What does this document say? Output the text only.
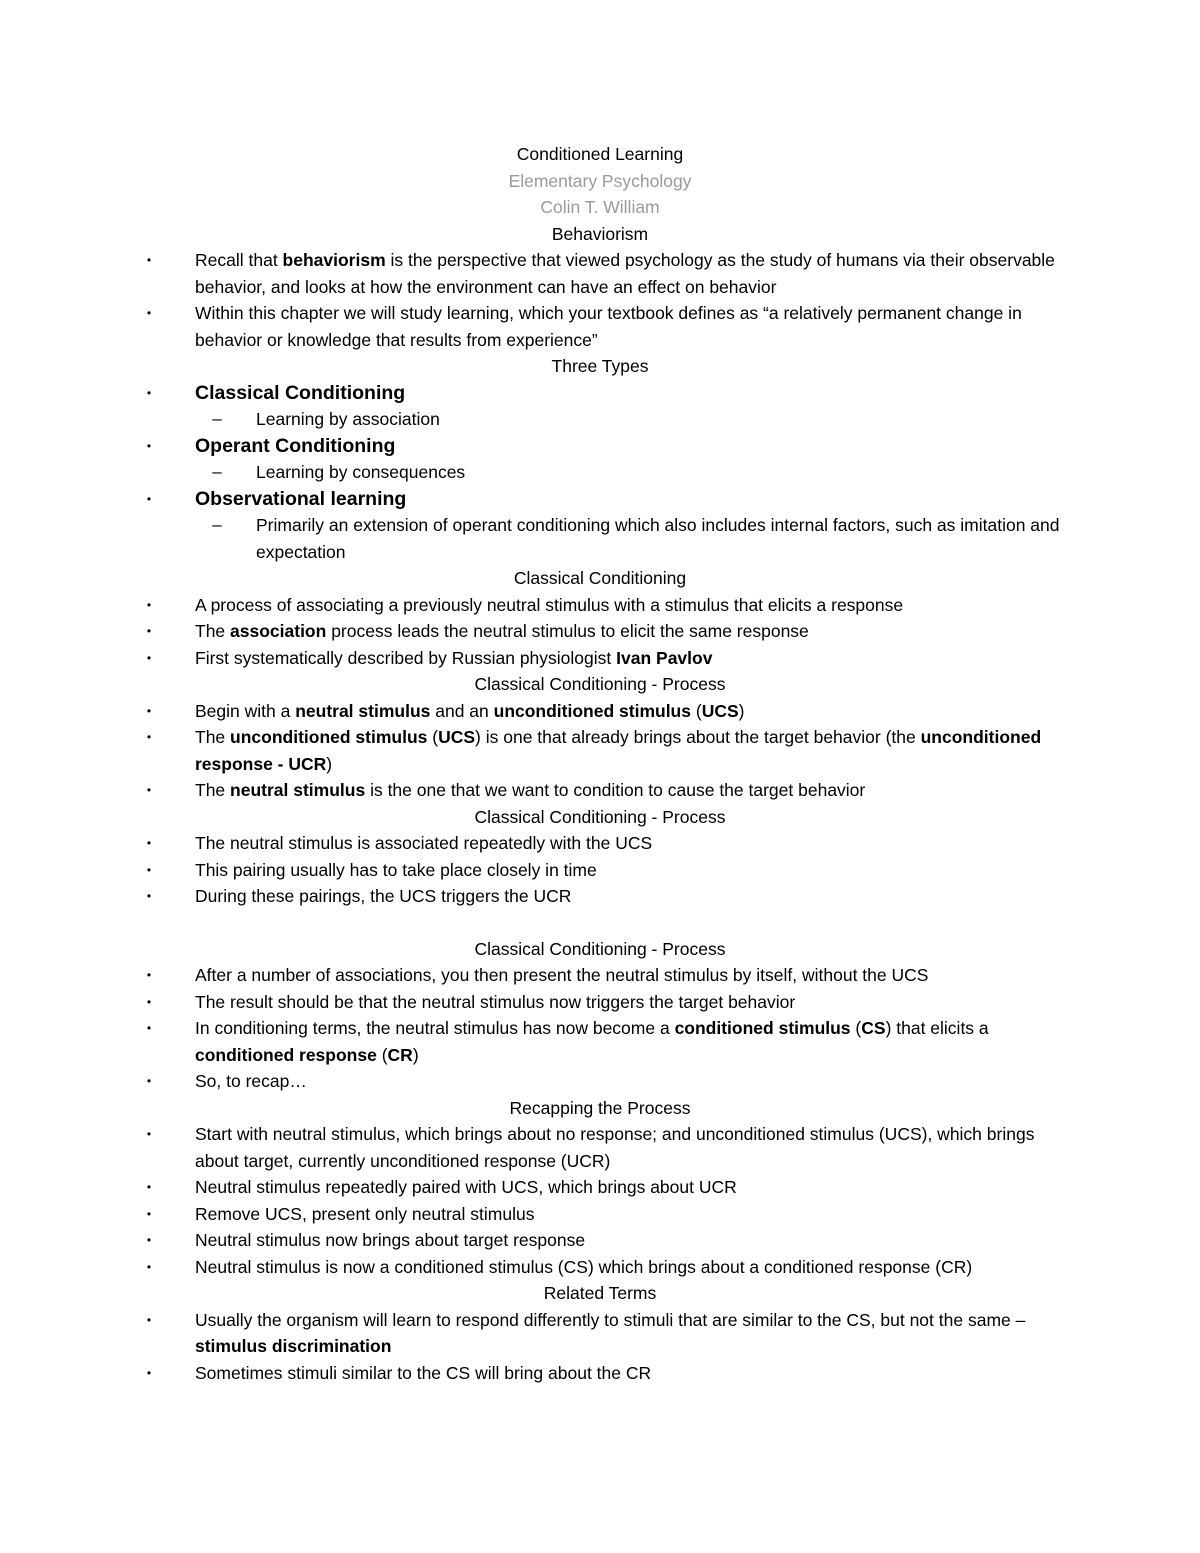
Conditioned Learning
Elementary Psychology
Colin T. William
Behaviorism
•	Recall that behaviorism is the perspective that viewed psychology as the study of humans via their observable behavior, and looks at how the environment can have an effect on behavior
•	Within this chapter we will study learning, which your textbook defines as “a relatively permanent change in behavior or knowledge that results from experience”
Three Types
• Classical Conditioning
– Learning by association
• Operant Conditioning
– Learning by consequences
• Observational learning
– Primarily an extension of operant conditioning which also includes internal factors, such as imitation and expectation
Classical Conditioning
•	A process of associating a previously neutral stimulus with a stimulus that elicits a response
•	The association process leads the neutral stimulus to elicit the same response
•	First systematically described by Russian physiologist Ivan Pavlov
Classical Conditioning - Process
•	Begin with a neutral stimulus and an unconditioned stimulus (UCS)
•	The unconditioned stimulus (UCS) is one that already brings about the target behavior (the unconditioned response - UCR)
•	The neutral stimulus is the one that we want to condition to cause the target behavior
Classical Conditioning - Process
•	The neutral stimulus is associated repeatedly with the UCS
•	This pairing usually has to take place closely in time
•	During these pairings, the UCS triggers the UCR
Classical Conditioning - Process
•	After a number of associations, you then present the neutral stimulus by itself, without the UCS
•	The result should be that the neutral stimulus now triggers the target behavior
•	In conditioning terms, the neutral stimulus has now become a conditioned stimulus (CS) that elicits a conditioned response (CR)
•	So, to recap…
Recapping the Process
•	Start with neutral stimulus, which brings about no response; and unconditioned stimulus (UCS), which brings about target, currently unconditioned response (UCR)
•	Neutral stimulus repeatedly paired with UCS, which brings about UCR
•	Remove UCS, present only neutral stimulus
•	Neutral stimulus now brings about target response
•	Neutral stimulus is now a conditioned stimulus (CS) which brings about a conditioned response (CR)
Related Terms
•	Usually the organism will learn to respond differently to stimuli that are similar to the CS, but not the same – stimulus discrimination
•	Sometimes stimuli similar to the CS will bring about the CR
